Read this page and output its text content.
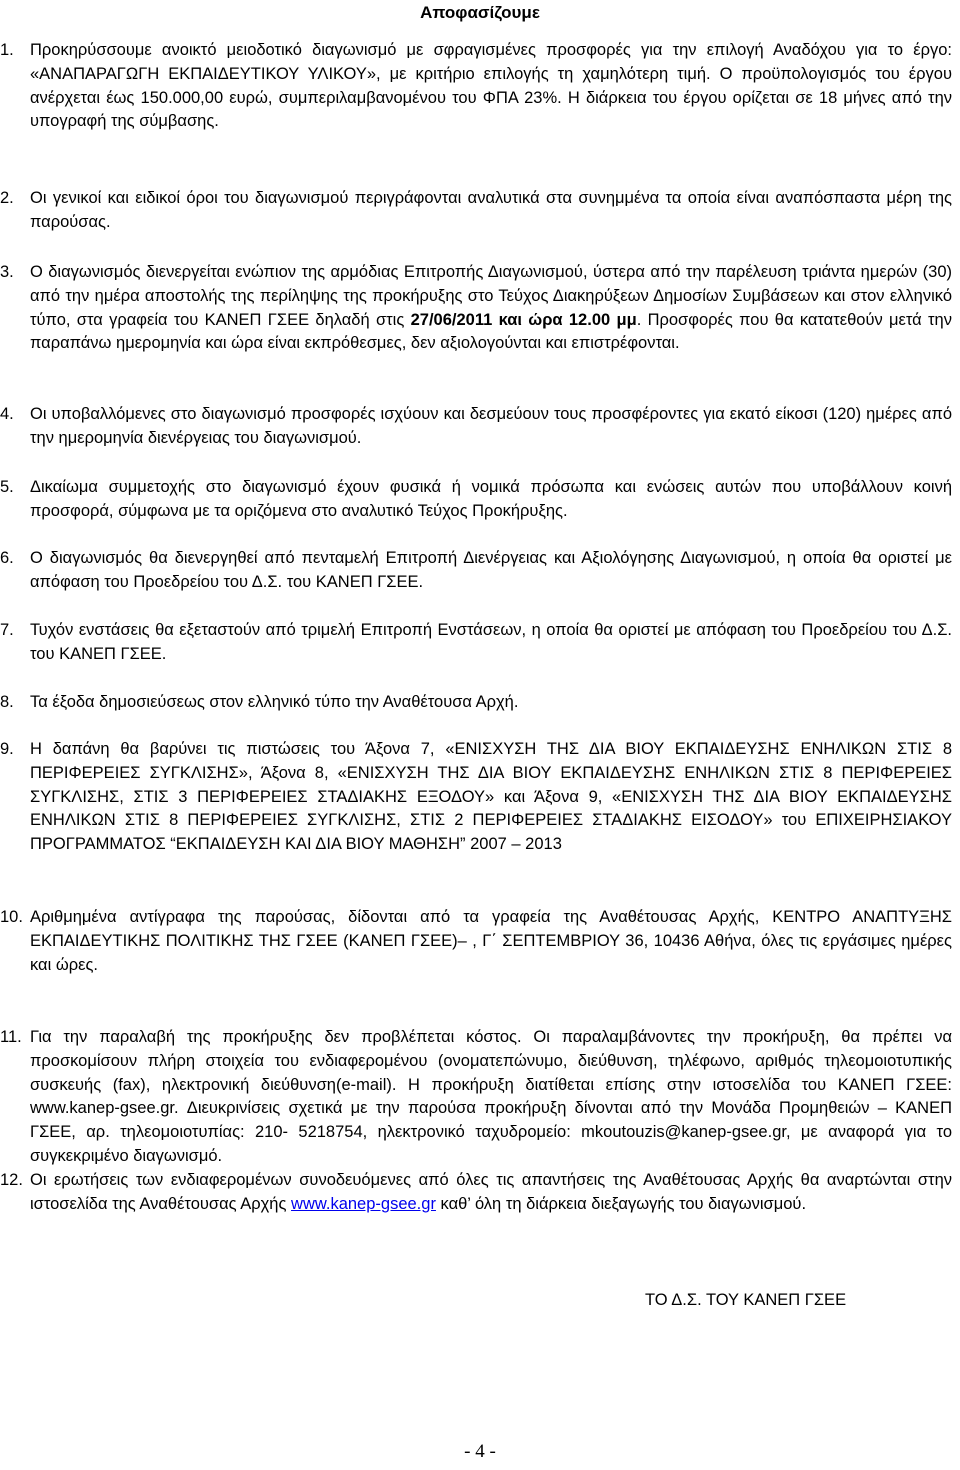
Αποφασίζουμε
1. Προκηρύσσουμε ανοικτό μειοδοτικό διαγωνισμό με σφραγισμένες προσφορές για την επιλογή Αναδόχου για το έργο: «ΑΝΑΠΑΡΑΓΩΓΗ ΕΚΠΑΙΔΕΥΤΙΚΟΥ ΥΛΙΚΟΥ», με κριτήριο επιλογής τη χαμηλότερη τιμή. Ο προϋπολογισμός του έργου ανέρχεται έως 150.000,00 ευρώ, συμπεριλαμβανομένου του ΦΠΑ 23%. Η διάρκεια του έργου ορίζεται σε 18 μήνες από την υπογραφή της σύμβασης.
2. Οι γενικοί και ειδικοί όροι του διαγωνισμού περιγράφονται αναλυτικά στα συνημμένα τα οποία είναι αναπόσπαστα μέρη της παρούσας.
3. Ο διαγωνισμός διενεργείται ενώπιον της αρμόδιας Επιτροπής Διαγωνισμού, ύστερα από την παρέλευση τριάντα ημερών (30) από την ημέρα αποστολής της περίληψης της προκήρυξης στο Τεύχος Διακηρύξεων Δημοσίων Συμβάσεων και στον ελληνικό τύπο, στα γραφεία του ΚΑΝΕΠ ΓΣΕΕ δηλαδή στις 27/06/2011 και ώρα 12.00 μμ. Προσφορές που θα κατατεθούν μετά την παραπάνω ημερομηνία και ώρα είναι εκπρόθεσμες, δεν αξιολογούνται και επιστρέφονται.
4. Οι υποβαλλόμενες στο διαγωνισμό προσφορές ισχύουν και δεσμεύουν τους προσφέροντες για εκατό είκοσι (120) ημέρες από την ημερομηνία διενέργειας του διαγωνισμού.
5. Δικαίωμα συμμετοχής στο διαγωνισμό έχουν φυσικά ή νομικά πρόσωπα και ενώσεις αυτών που υποβάλλουν κοινή προσφορά, σύμφωνα με τα οριζόμενα στο αναλυτικό Τεύχος Προκήρυξης.
6. Ο διαγωνισμός θα διενεργηθεί από πενταμελή Επιτροπή Διενέργειας και Αξιολόγησης Διαγωνισμού, η οποία θα οριστεί με απόφαση του Προεδρείου του Δ.Σ. του ΚΑΝΕΠ ΓΣΕΕ.
7. Τυχόν ενστάσεις θα εξεταστούν από τριμελή Επιτροπή Ενστάσεων, η οποία θα οριστεί με απόφαση του Προεδρείου του Δ.Σ. του ΚΑΝΕΠ ΓΣΕΕ.
8. Τα έξοδα δημοσιεύσεως στον ελληνικό τύπο την Αναθέτουσα Αρχή.
9. Η δαπάνη θα βαρύνει τις πιστώσεις του Άξονα 7, «ΕΝΙΣΧΥΣΗ ΤΗΣ ΔΙΑ ΒΙΟΥ ΕΚΠΑΙΔΕΥΣΗΣ ΕΝΗΛΙΚΩΝ ΣΤΙΣ 8 ΠΕΡΙΦΕΡΕΙΕΣ ΣΥΓΚΛΙΣΗΣ», Άξονα 8, «ΕΝΙΣΧΥΣΗ ΤΗΣ ΔΙΑ ΒΙΟΥ ΕΚΠΑΙΔΕΥΣΗΣ ΕΝΗΛΙΚΩΝ ΣΤΙΣ 8 ΠΕΡΙΦΕΡΕΙΕΣ ΣΥΓΚΛΙΣΗΣ, ΣΤΙΣ 3 ΠΕΡΙΦΕΡΕΙΕΣ ΣΤΑΔΙΑΚΗΣ ΕΞΟΔΟΥ» και Άξονα 9, «ΕΝΙΣΧΥΣΗ ΤΗΣ ΔΙΑ ΒΙΟΥ ΕΚΠΑΙΔΕΥΣΗΣ ΕΝΗΛΙΚΩΝ ΣΤΙΣ 8 ΠΕΡΙΦΕΡΕΙΕΣ ΣΥΓΚΛΙΣΗΣ, ΣΤΙΣ 2 ΠΕΡΙΦΕΡΕΙΕΣ ΣΤΑΔΙΑΚΗΣ ΕΙΣΟΔΟΥ» του ΕΠΙΧΕΙΡΗΣΙΑΚΟΥ ΠΡΟΓΡΑΜΜΑΤΟΣ “ΕΚΠΑΙΔΕΥΣΗ ΚΑΙ ΔΙΑ ΒΙΟΥ ΜΑΘΗΣΗ” 2007 – 2013
10. Αριθμημένα αντίγραφα της παρούσας, δίδονται από τα γραφεία της Αναθέτουσας Αρχής, ΚΕΝΤΡΟ ΑΝΑΠΤΥΞΗΣ ΕΚΠΑΙΔΕΥΤΙΚΗΣ ΠΟΛΙΤΙΚΗΣ ΤΗΣ ΓΣΕΕ (ΚΑΝΕΠ ΓΣΕΕ)– , Γ΄ ΣΕΠΤΕΜΒΡΙΟΥ 36, 10436 Αθήνα, όλες τις εργάσιμες ημέρες και ώρες.
11. Για την παραλαβή της προκήρυξης δεν προβλέπεται κόστος. Οι παραλαμβάνοντες την προκήρυξη, θα πρέπει να προσκομίσουν πλήρη στοιχεία του ενδιαφερομένου (ονοματεπώνυμο, διεύθυνση, τηλέφωνο, αριθμός τηλεομοιοτυπικής συσκευής (fax), ηλεκτρονική διεύθυνση(e-mail). Η προκήρυξη διατίθεται επίσης στην ιστοσελίδα του ΚΑΝΕΠ ΓΣΕΕ: www.kanep-gsee.gr. Διευκρινίσεις σχετικά με την παρούσα προκήρυξη δίνονται από την Μονάδα Προμηθειών – ΚΑΝΕΠ ΓΣΕΕ, αρ. τηλεομοιοτυπίας: 210- 5218754, ηλεκτρονικό ταχυδρομείο: mkoutouzis@kanep-gsee.gr, με αναφορά για το συγκεκριμένο διαγωνισμό.
12. Οι ερωτήσεις των ενδιαφερομένων συνοδευόμενες από όλες τις απαντήσεις της Αναθέτουσας Αρχής θα αναρτώνται στην ιστοσελίδα της Αναθέτουσας Αρχής www.kanep-gsee.gr καθ’ όλη τη διάρκεια διεξαγωγής του διαγωνισμού.
ΤΟ Δ.Σ. ΤΟΥ ΚΑΝΕΠ ΓΣΕΕ
- 4 -
